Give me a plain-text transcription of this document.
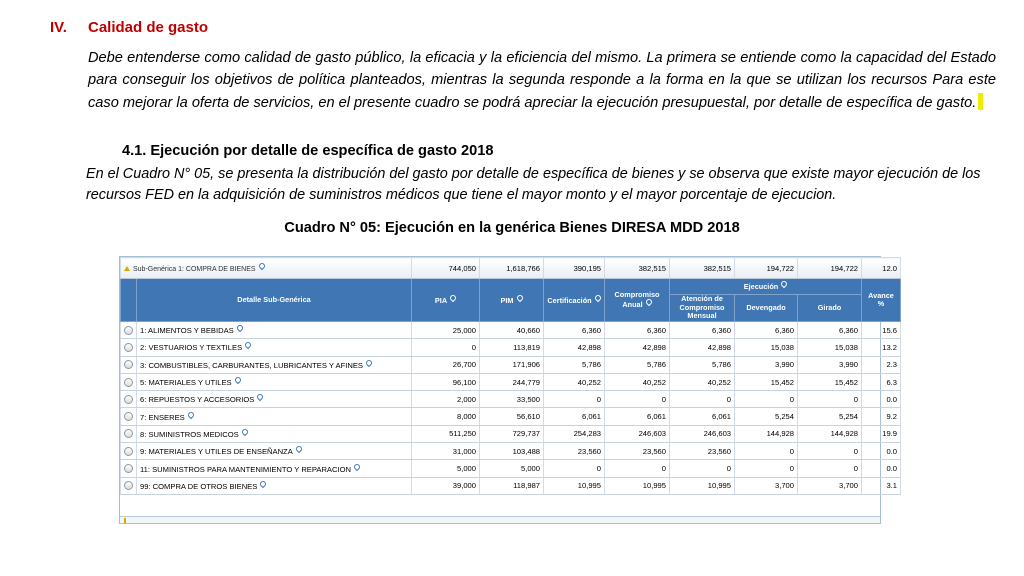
IV. Calidad de gasto
Debe entenderse como calidad de gasto público, la eficacia y la eficiencia del mismo. La primera se entiende como la capacidad del Estado para conseguir los objetivos de política planteados, mientras la segunda responde a la forma en la que se utilizan los recursos Para este caso mejorar la oferta de servicios, en el presente cuadro se podrá apreciar la ejecución presupuestal, por detalle de específica de gasto.
4.1. Ejecución por detalle de específica de gasto 2018
En el Cuadro N° 05, se presenta la distribución del gasto por detalle de específica de bienes y se observa que existe mayor ejecución de los recursos FED en la adquisición de suministros médicos que tiene el mayor monto y el mayor porcentaje de ejecucion.
Cuadro N° 05: Ejecución en la genérica Bienes DIRESA MDD 2018
Sub-Genérica 1: COMPRA DE BIENES		744,050	1,618,766	390,195	382,515	382,515	194,722	194,722	12.0
	Detalle Sub-Genérica	PIA	PIM	Certificación	Compromiso Anual	Ejecución			Avance %
						Atención de Compromiso Mensual	Devengado	Girado	

	1: ALIMENTOS Y BEBIDAS	25,000	40,660	6,360	6,360	6,360	6,360	6,360	15.6

	2: VESTUARIOS Y TEXTILES	0	113,819	42,898	42,898	42,898	15,038	15,038	13.2

	3: COMBUSTIBLES, CARBURANTES, LUBRICANTES Y AFINES	26,700	171,906	5,786	5,786	5,786	3,990	3,990	2.3

	5: MATERIALES Y UTILES	96,100	244,779	40,252	40,252	40,252	15,452	15,452	6.3

	6: REPUESTOS Y ACCESORIOS	2,000	33,500	0	0	0	0	0	0.0

	7: ENSERES	8,000	56,610	6,061	6,061	6,061	5,254	5,254	9.2

	8: SUMINISTROS MEDICOS	511,250	729,737	254,283	246,603	246,603	144,928	144,928	19.9

	9: MATERIALES Y UTILES DE ENSEÑANZA	31,000	103,488	23,560	23,560	23,560	0	0	0.0

	11: SUMINISTROS PARA MANTENIMIENTO Y REPARACION	5,000	5,000	0	0	0	0	0	0.0

	99: COMPRA DE OTROS BIENES	39,000	118,987	10,995	10,995	10,995	3,700	3,700	3.1
